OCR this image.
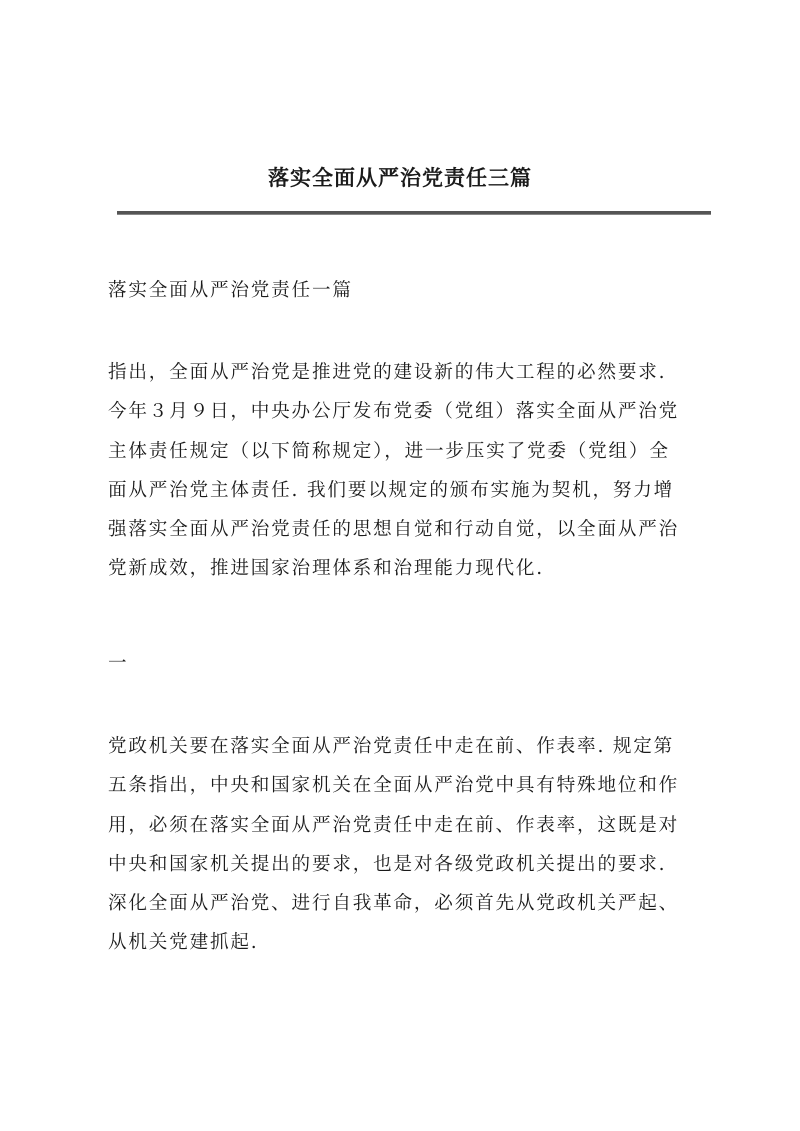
落实全面从严治党责任三篇

落实全面从严治党责任一篇

指出，全面从严治党是推进党的建设新的伟大工程的必然要求.
今年３月９日，中央办公厅发布党委（党组）落实全面从严治党
主体责任规定（以下简称规定），进一步压实了党委（党组）全
面从严治党主体责任. 我们要以规定的颁布实施为契机，努力增
强落实全面从严治党责任的思想自觉和行动自觉，以全面从严治
党新成效，推进国家治理体系和治理能力现代化.

一

党政机关要在落实全面从严治党责任中走在前、作表率. 规定第
五条指出，中央和国家机关在全面从严治党中具有特殊地位和作
用，必须在落实全面从严治党责任中走在前、作表率，这既是对
中央和国家机关提出的要求，也是对各级党政机关提出的要求.
深化全面从严治党、进行自我革命，必须首先从党政机关严起、
从机关党建抓起.
